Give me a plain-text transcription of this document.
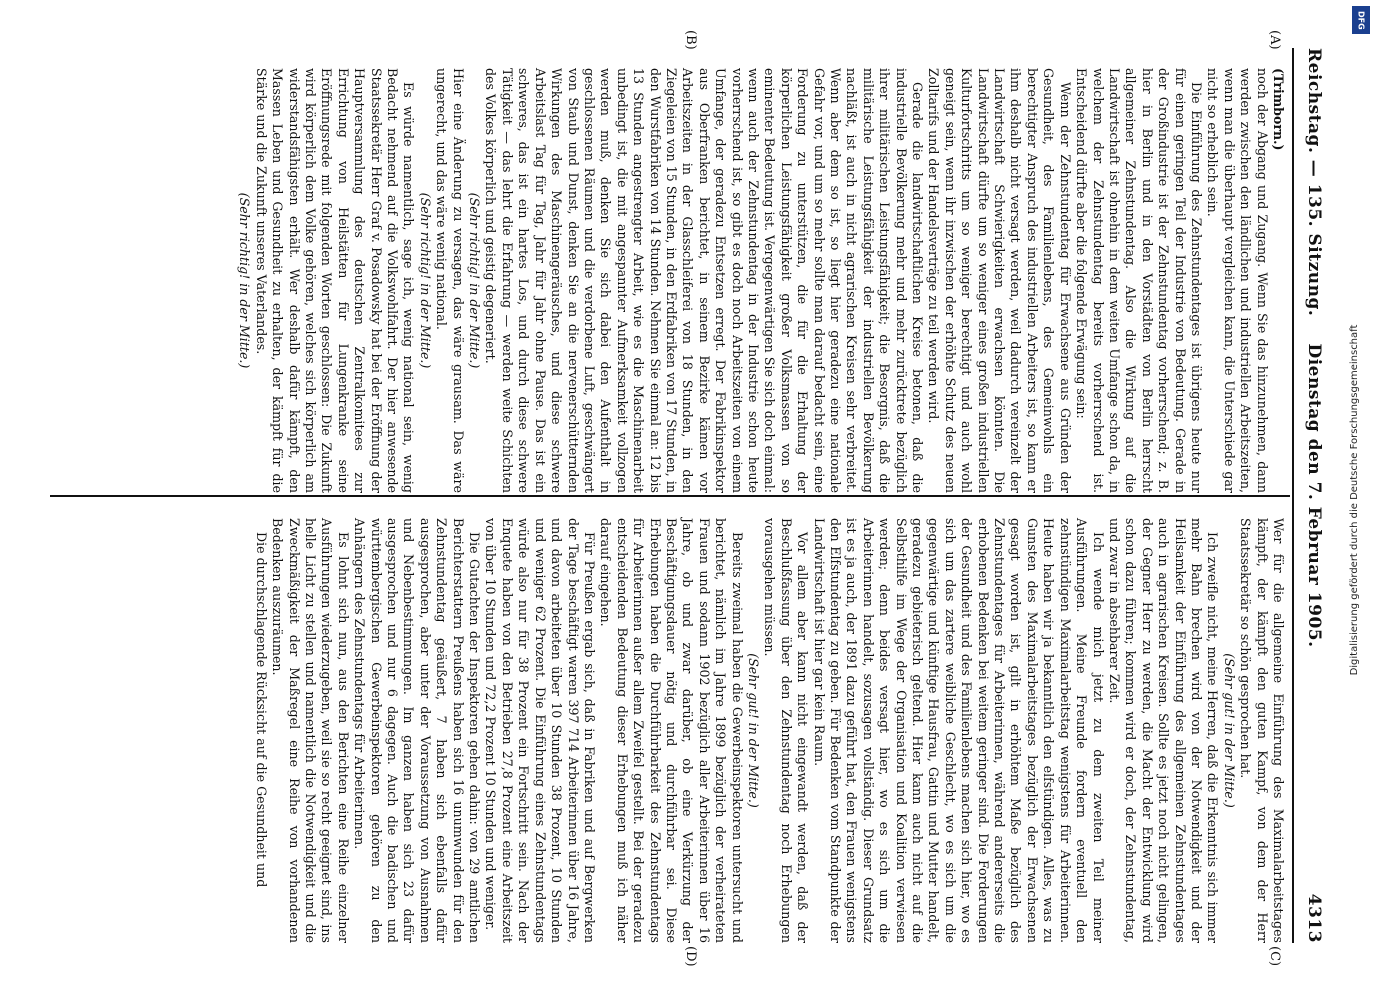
Reichstag. — 135. Sitzung.
Dienstag den 7. Februar 1905.
4313
(A)
(B)
(C)
(D)

(Trimborn.)

noch der Abgang und Zugang. Wenn Sie das hinzunehmen, dann werden zwischen den ländlichen und industriellen Arbeitszeiten, wenn man die überhaupt vergleichen kann, die Unterschiede gar nicht so erheblich sein.

Die Einführung des Zehnstundentages ist übrigens heute nur für einen geringen Teil der Industrie von Bedeutung. Gerade in der Großindustrie ist der Zehnstundentag vorherrschend; z. B. hier in Berlin und in den Vorstädten von Berlin herrscht allgemeiner Zehnstundentag. Also die Wirkung auf die Landwirtschaft ist ohnehin in dem weiten Umfange schon da, in welchem der Zehnstundentag bereits vorherrschend ist. Entscheidend dürfte aber die folgende Erwägung sein:

Wenn der Zehnstundentag für Erwachsene aus Gründen der Gesundheit, des Familienlebens, des Gemeinwohls ein berechtigter Anspruch des industriellen Arbeiters ist, so kann er ihm deshalb nicht versagt werden, weil dadurch vereinzelt der Landwirtschaft Schwierigkeiten erwachsen könnten. Die Landwirtschaft dürfte um so weniger eines großen industriellen Kulturfortschritts um so weniger berechtigt und auch wohl geneigt sein, wenn ihr inzwischen der erhöhte Schutz des neuen Zolltarifs und der Handelsverträge zu teil werden wird.

Gerade die landwirtschaftlichen Kreise betonen, daß die industrielle Bevölkerung mehr und mehr zurücktrete bezüglich ihrer militärischen Leistungsfähigkeit; die Besorgnis, daß die militärische Leistungsfähigkeit der industriellen Bevölkerung nachläßt, ist auch in nicht agrarischen Kreisen sehr verbreitet. Wenn aber dem so ist, so liegt hier geradezu eine nationale Gefahr vor, und um so mehr sollte man darauf bedacht sein, eine Forderung zu unterstützen, die für die Erhaltung der körperlichen Leistungsfähigkeit großer Volksmassen von so eminenter Bedeutung ist. Vergegenwärtigen Sie sich doch einmal: wenn auch der Zehnstundentag in der Industrie schon heute vorherrschend ist, so gibt es doch noch Arbeitszeiten von einem Umfange, der geradezu Entsetzen erregt. Der Fabrikinspektor aus Oberfranken berichtet, in seinem Bezirke kämen vor Arbeitszeiten in der Glasschleiferei von 18 Stunden, in den Ziegeleien von 15 Stunden, in den Erdfabriken von 17 Stunden, in den Wurstfabriken von 14 Stunden. Nehmen Sie einmal an: 12 bis 13 Stunden angestrengter Arbeit, wie es die Maschinenarbeit unbedingt ist, die mit angespannter Aufmerksamkeit vollzogen werden muß, denken Sie sich dabei den Aufenthalt in geschlossenen Räumen und die verdorbene Luft, geschwängert von Staub und Dunst, denken Sie an die nervenerschütternden Wirkungen des Maschinengeräusches, und diese schwere Arbeitslast Tag für Tag, Jahr für Jahr ohne Pause. Das ist ein schweres, das ist ein hartes Los, und durch diese schwere Tätigkeit — das lehrt die Erfahrung — werden weite Schichten des Volkes körperlich und geistig degeneriert.

(Sehr richtig! in der Mitte.)

Hier eine Änderung zu versagen, das wäre grausam. Das wäre ungerecht, und das wäre wenig national.

(Sehr richtig! in der Mitte.)

Es würde namentlich, sage ich, wenig national sein, wenig Bedacht nehmend auf die Volkswohlfahrt. Der hier anwesende Staatssekretär Herr Graf v. Posadowsky hat bei der Eröffnung der Hauptversammlung des deutschen Zentralkomitees zur Errichtung von Heilstätten für Lungenkranke seine Eröffnungsrede mit folgenden Worten geschlossen: Die Zukunft wird körperlich dem Volke gehören, welches sich körperlich am widerstandsfähigsten erhält. Wer deshalb dafür kämpft, den Massen Leben und Gesundheit zu erhalten, der kämpft für die Stärke und die Zukunft unseres Vaterlandes.

(Sehr richtig! in der Mitte.)

Wer für die allgemeine Einführung des Maximalarbeitstages kämpft, der kämpft den guten Kampf, von dem der Herr Staatssekretär so schön gesprochen hat.

(Sehr gut! in der Mitte.)

Ich zweifle nicht, meine Herren, daß die Erkenntnis sich immer mehr Bahn brechen wird von der Notwendigkeit und der Heilsamkeit der Einführung des allgemeinen Zehnstundentages auch in agrarischen Kreisen. Sollte es jetzt noch nicht gelingen, der Gegner Herr zu werden, die Macht der Entwicklung wird schon dazu führen; kommen wird er doch, der Zehnstundentag, und zwar in absehbarer Zeit.

Ich wende mich jetzt zu dem zweiten Teil meiner Ausführungen. Meine Freunde fordern eventuell den zehnstündigen Maximalarbeitstag wenigstens für Arbeiterinnen. Heute haben wir ja bekanntlich den elfstündigen. Alles, was zu Gunsten des Maximalarbeitstages bezüglich der Erwachsenen gesagt worden ist, gilt in erhöhtem Maße bezüglich des Zehnstundentages für Arbeiterinnen, während andererseits die erhobenen Bedenken bei weitem geringer sind. Die Forderungen der Gesundheit und des Familienlebens machen sich hier, wo es sich um das zartere weibliche Geschlecht, wo es sich um die gegenwärtige und künftige Hausfrau, Gattin und Mutter handelt, geradezu gebieterisch geltend. Hier kann auch nicht auf die Selbsthilfe im Wege der Organisation und Koalition verwiesen werden; denn beides versagt hier, wo es sich um die Arbeiterinnen handelt, sozusagen vollständig. Dieser Grundsatz ist es ja auch, der 1891 dazu geführt hat, den Frauen wenigstens den Elfstundentag zu geben. Für Bedenken vom Standpunkte der Landwirtschaft ist hier gar kein Raum.

Vor allem aber kann nicht eingewandt werden, daß der Beschlußfassung über den Zehnstundentag noch Erhebungen vorausgehen müssen.

(Sehr gut! in der Mitte.)

Bereits zweimal haben die Gewerbeinspektoren untersucht und berichtet, nämlich im Jahre 1899 bezüglich der verheirateten Frauen und sodann 1902 bezüglich aller Arbeiterinnen über 16 Jahre, ob und zwar darüber, ob eine Verkürzung der Beschäftigungsdauer nötig und durchführbar sei. Diese Erhebungen haben die Durchführbarkeit des Zehnstundentags für Arbeiterinnen außer allem Zweifel gestellt. Bei der geradezu entscheidenden Bedeutung dieser Erhebungen muß ich näher darauf eingehen.

Für Preußen ergab sich, daß in Fabriken und auf Bergwerken der Tage beschäftigt waren 397 714 Arbeiterinnen über 16 Jahre, und davon arbeiteten über 10 Stunden 38 Prozent, 10 Stunden und weniger 62 Prozent. Die Einführung eines Zehnstundentags würde also nur für 38 Prozent ein Fortschritt sein. Nach der Enquete haben von den Betrieben 27,8 Prozent eine Arbeitszeit von über 10 Stunden und 72,2 Prozent 10 Stunden und weniger.

Die Gutachten der Inspektoren gehen dahin: von 29 amtlichen Berichterstattern Preußens haben sich 16 unumwunden für den Zehnstundentag geäußert, 7 haben sich ebenfalls dafür ausgesprochen, aber unter der Voraussetzung von Ausnahmen und Nebenbestimmungen. Im ganzen haben sich 23 dafür ausgesprochen und nur 6 dagegen. Auch die badischen und württembergischen Gewerbeinspektoren gehören zu den Anhängern des Zehnstundentags für Arbeiterinnen.

Es lohnt sich nun, aus den Berichten eine Reihe einzelner Ausführungen wiederzugeben, weil sie so recht geeignet sind, ins helle Licht zu stellen und namentlich die Notwendigkeit und die Zweckmäßigkeit der Maßregel eine Reihe von vorhandenen Bedenken auszuräumen.

Die durchschlagende Rücksicht auf die Gesundheit und

DFG
Digitalisierung gefördert durch die Deutsche Forschungsgemeinschaft
